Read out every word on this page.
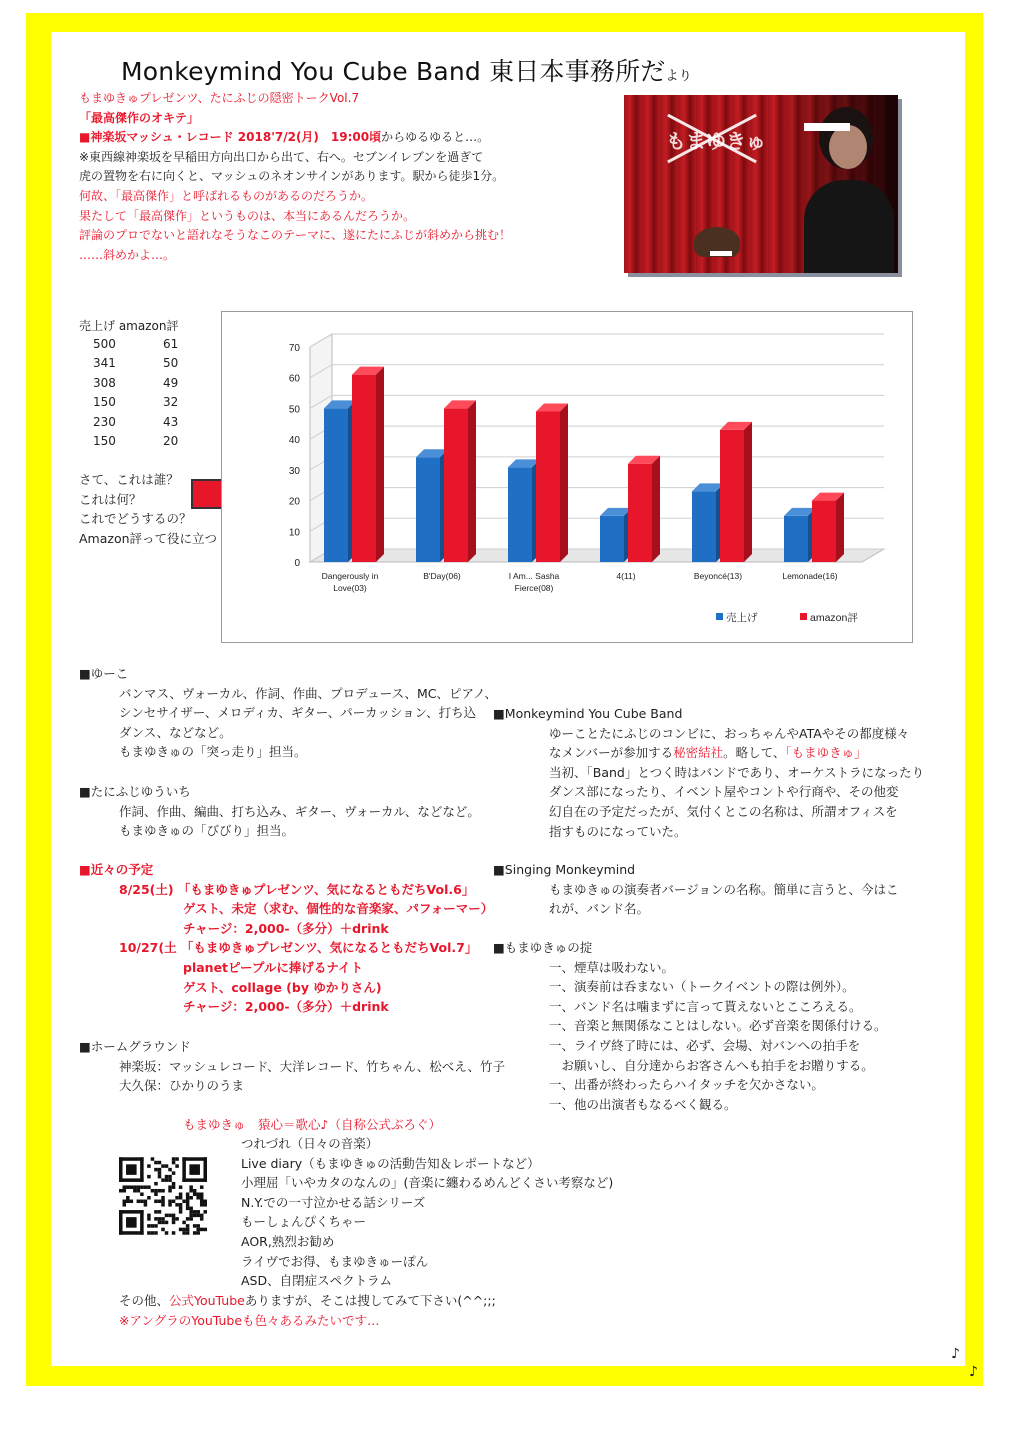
Monkeymind You Cube Band 東日本事務所だより
もまゆきゅプレゼンツ、たにふじの隠密トークVol.7
「最高傑作のオキテ」
■神楽坂マッシュ・レコード 2018'7/2(月)　19:00頃からゆるゆると…。
※東西線神楽坂を早稲田方向出口から出て、右へ。セブンイレブンを過ぎて
虎の置物を右に向くと、マッシュのネオンサインがあります。駅から徒歩1分。
何故、「最高傑作」と呼ばれるものがあるのだろうか。
果たして「最高傑作」というものは、本当にあるんだろうか。
評論のプロでないと語れなそうなこのテーマに、遂にたにふじが斜めから挑む！
……斜めかよ…。
もまゆきゅ
売上げ amazon評
500	61
341	50
308	49
150	32
230	43
150	20
さて、これは誰？
これは何？
これでどうするの？
Amazon評って役に立つ
0
10
20
30
40
50
60
70
Dangerously in
Love(03)
B'Day(06)	I Am... Sasha
Fierce(08)
4(11)	Beyoncé(13)	Lemonade(16)
売上げ	amazon評
■ゆーこ
バンマス、ヴォーカル、作詞、作曲、プロデュース、MC、ピアノ、
シンセサイザー、メロディカ、ギター、パーカッション、打ち込
ダンス、などなど。
もまゆきゅの「突っ走り」担当。
■たにふじゆういち
作詞、作曲、編曲、打ち込み、ギター、ヴォーカル、などなど。
もまゆきゅの「びびり」担当。
■近々の予定
8/25(土) 「もまゆきゅプレゼンツ、気になるともだちVol.6」
ゲスト、未定（求む、個性的な音楽家、パフォーマー）
チャージ：2,000-（多分）＋drink
10/27(土 「もまゆきゅプレゼンツ、気になるともだちVol.7」
planetピープルに捧げるナイト
ゲスト、collage (by ゆかりさん)
チャージ：2,000-（多分）＋drink
■ホームグラウンド
神楽坂：マッシュレコード、大洋レコード、竹ちゃん、松べえ、竹子
大久保：ひかりのうま
■Monkeymind You Cube Band
ゆーことたにふじのコンビに、おっちゃんやATAやその都度様々
なメンバーが参加する秘密結社。略して、「もまゆきゅ」
当初、「Band」とつく時はバンドであり、オーケストラになったり
ダンス部になったり、イベント屋やコントや行商や、その他変
幻自在の予定だったが、気付くとこの名称は、所謂オフィスを
指すものになっていた。
■Singing Monkeymind
もまゆきゅの演奏者バージョンの名称。簡単に言うと、今はこ
れが、バンド名。
■もまゆきゅの掟
一、煙草は吸わない。
一、演奏前は呑まない（トークイベントの際は例外）。
一、バンド名は噛まずに言って貰えないとこころえる。
一、音楽と無関係なことはしない。必ず音楽を関係付ける。
一、ライヴ終了時には、必ず、会場、対バンへの拍手を
　お願いし、自分達からお客さんへも拍手をお贈りする。
一、出番が終わったらハイタッチを欠かさない。
一、他の出演者もなるべく観る。
もまゆきゅ　猿心＝歌心♪（自称公式ぶろぐ）
つれづれ（日々の音楽）
Live diary（もまゆきゅの活動告知＆レポートなど）
小理屈「いやカタのなんの」(音楽に纏わるめんどくさい考察など)
N.Y.での一寸泣かせる話シリーズ
もーしょんぴくちゃー
AOR,熟烈お勧め
ライヴでお得、もまゆきゅーぽん
ASD、自閉症スペクトラム
その他、公式YouTubeありますが、そこは捜してみて下さい(^^;;;
※アングラのYouTubeも色々あるみたいです…
♪
♪
